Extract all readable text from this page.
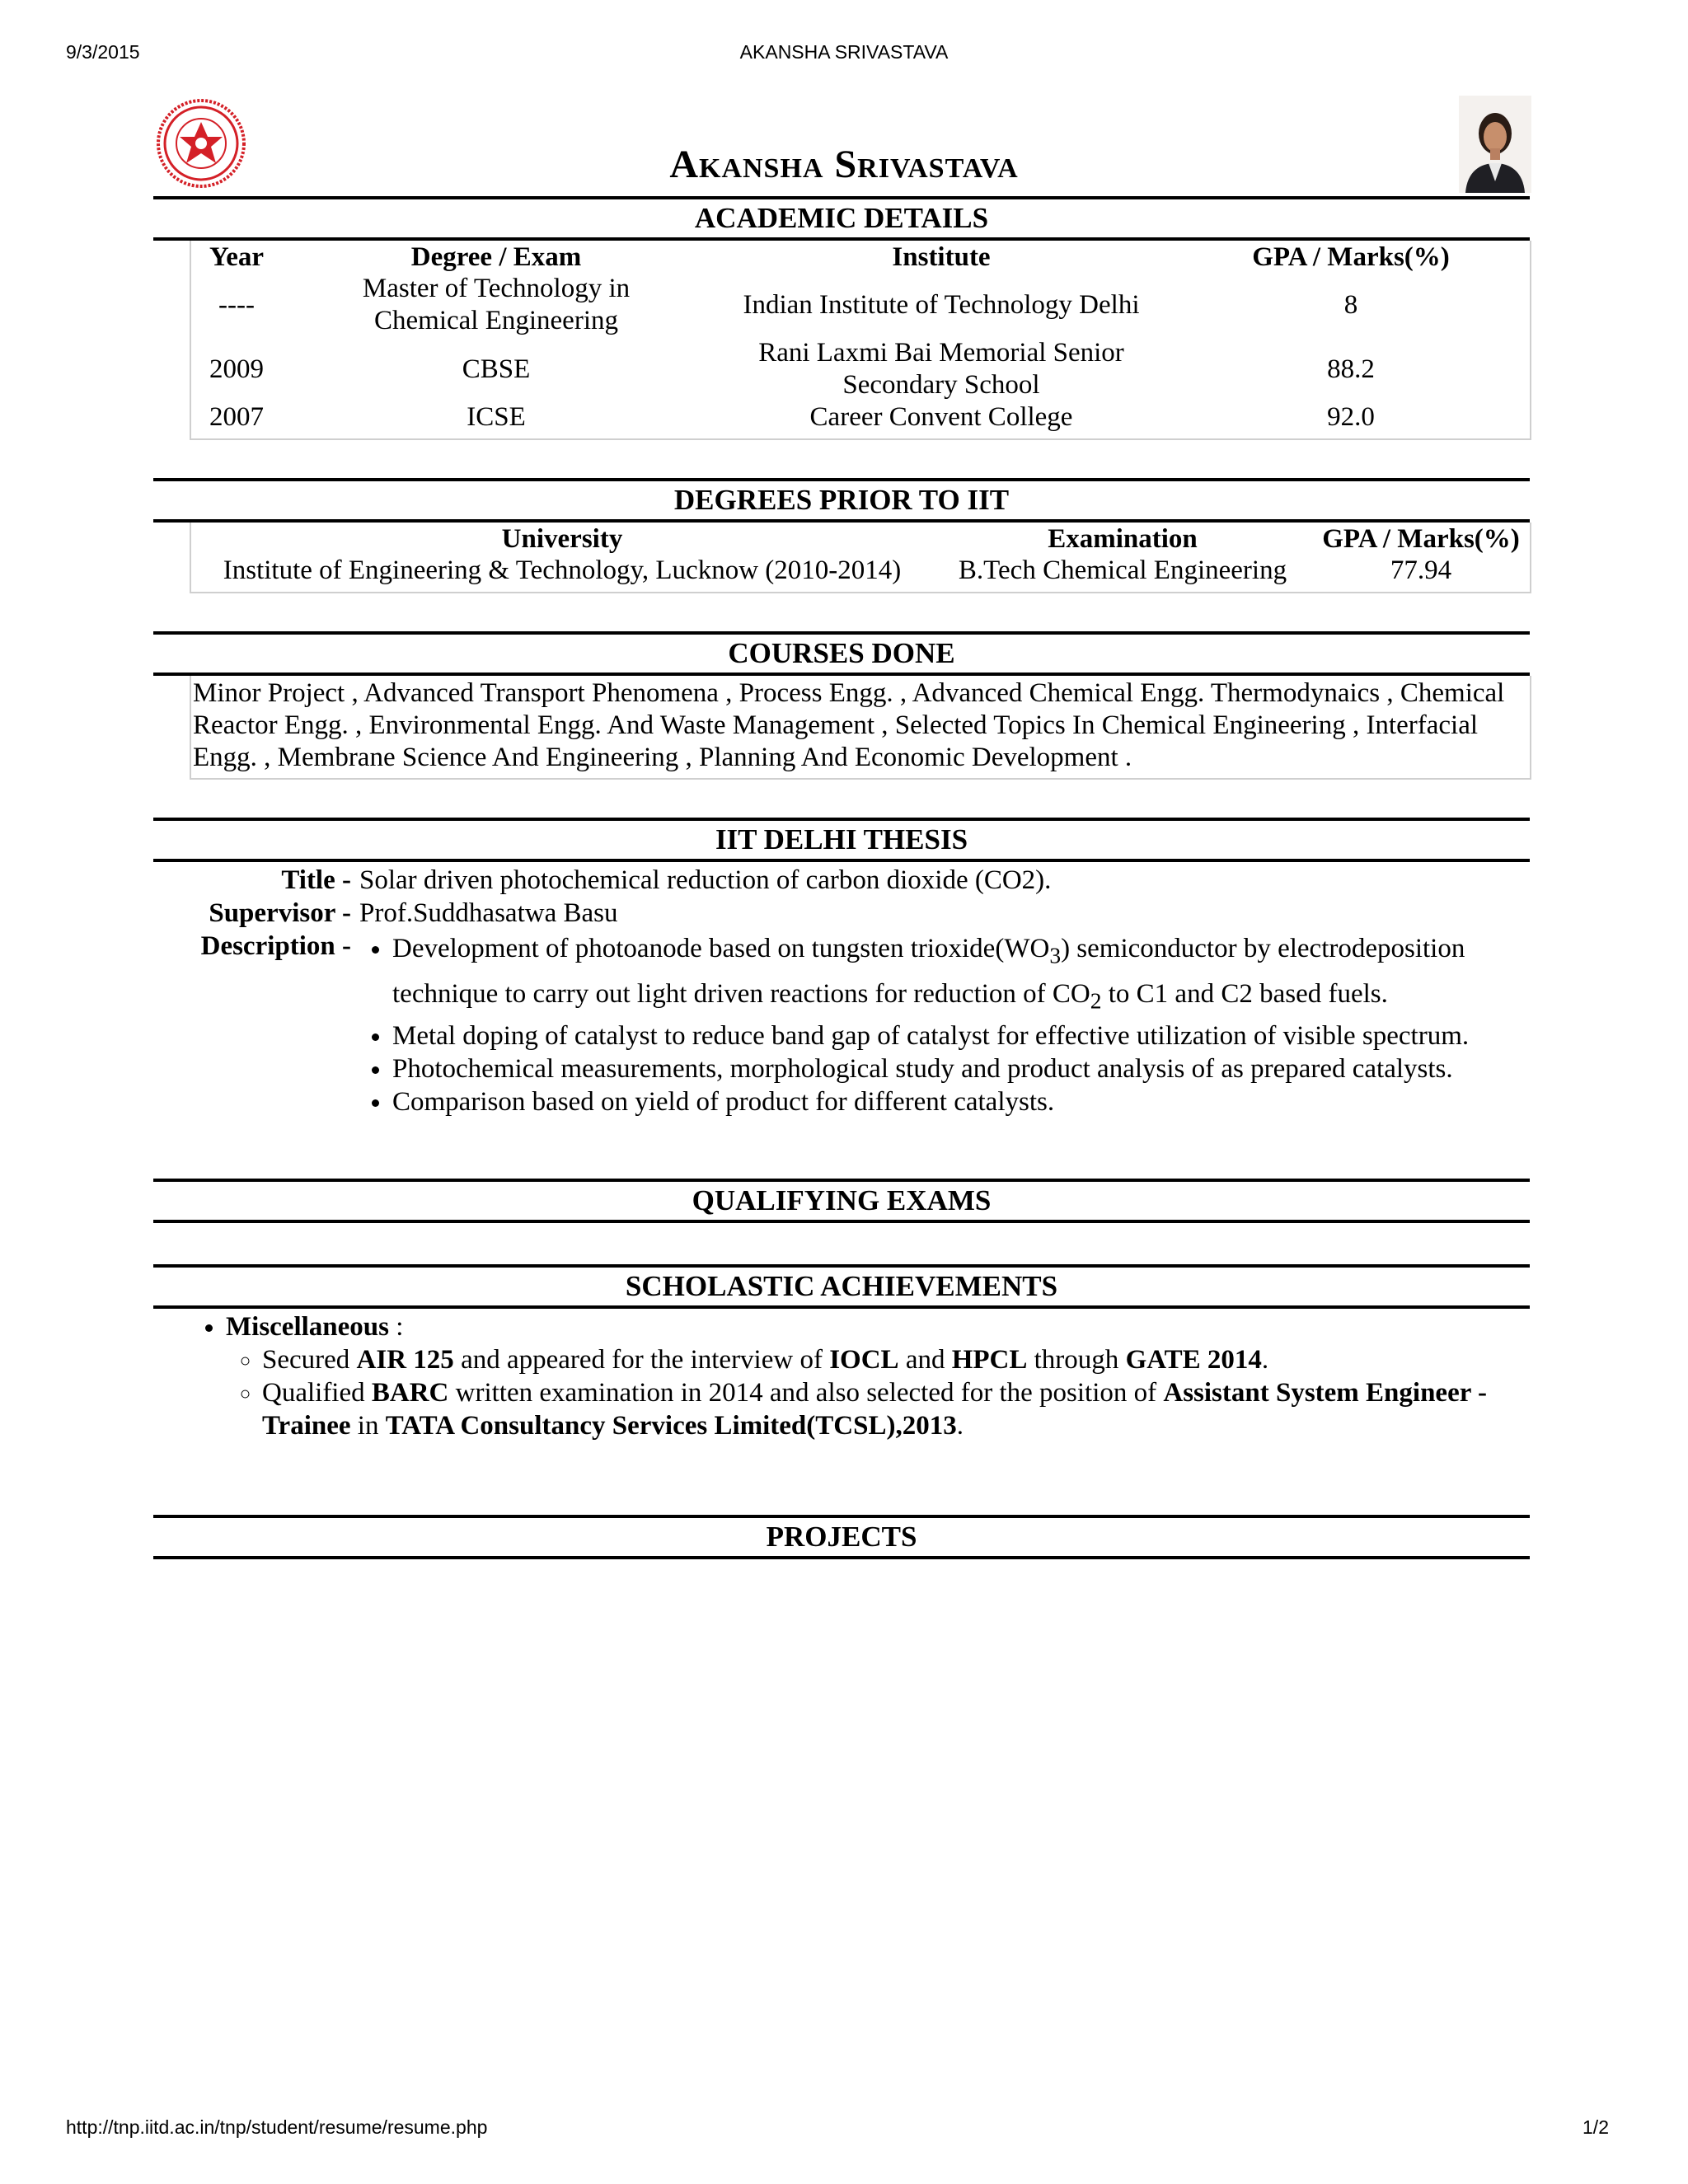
9/3/2015	AKANSHA SRIVASTAVA
Akansha Srivastava
ACADEMIC DETAILS
Year	Degree / Exam	Institute	GPA / Marks(%)
----	Master of Technology in Chemical Engineering	Indian Institute of Technology Delhi	8
2009	CBSE	Rani Laxmi Bai Memorial Senior Secondary School	88.2
2007	ICSE	Career Convent College	92.0
DEGREES PRIOR TO IIT
University	Examination	GPA / Marks(%)
Institute of Engineering & Technology, Lucknow (2010-2014)	B.Tech Chemical Engineering	77.94
COURSES DONE
Minor Project , Advanced Transport Phenomena , Process Engg. , Advanced Chemical Engg. Thermodynaics , Chemical Reactor Engg. , Environmental Engg. And Waste Management , Selected Topics In Chemical Engineering , Interfacial Engg. , Membrane Science And Engineering , Planning And Economic Development .
IIT DELHI THESIS
Title - Solar driven photochemical reduction of carbon dioxide (CO2).
Supervisor - Prof.Suddhasatwa Basu
Description -	• Development of photoanode based on tungsten $trioxide(WO_3)$ semiconductor by electrodeposition technique to carry out light driven reactions for reduction of $CO_2$ to C1 and C2 based fuels.
• Metal doping of catalyst to reduce band gap of catalyst for effective utilization of visible spectrum.
• Photochemical measurements, morphological study and product analysis of as prepared catalysts.
• Comparison based on yield of product for different catalysts.
QUALIFYING EXAMS
SCHOLASTIC ACHIEVEMENTS
• Miscellaneous :
◦ Secured AIR 125 and appeared for the interview of IOCL and HPCL through GATE 2014.
◦ Qualified BARC written examination in 2014 and also selected for the position of Assistant System Engineer - Trainee in TATA Consultancy Services Limited(TCSL),2013.
PROJECTS
http://tnp.iitd.ac.in/tnp/student/resume/resume.php	1/2
